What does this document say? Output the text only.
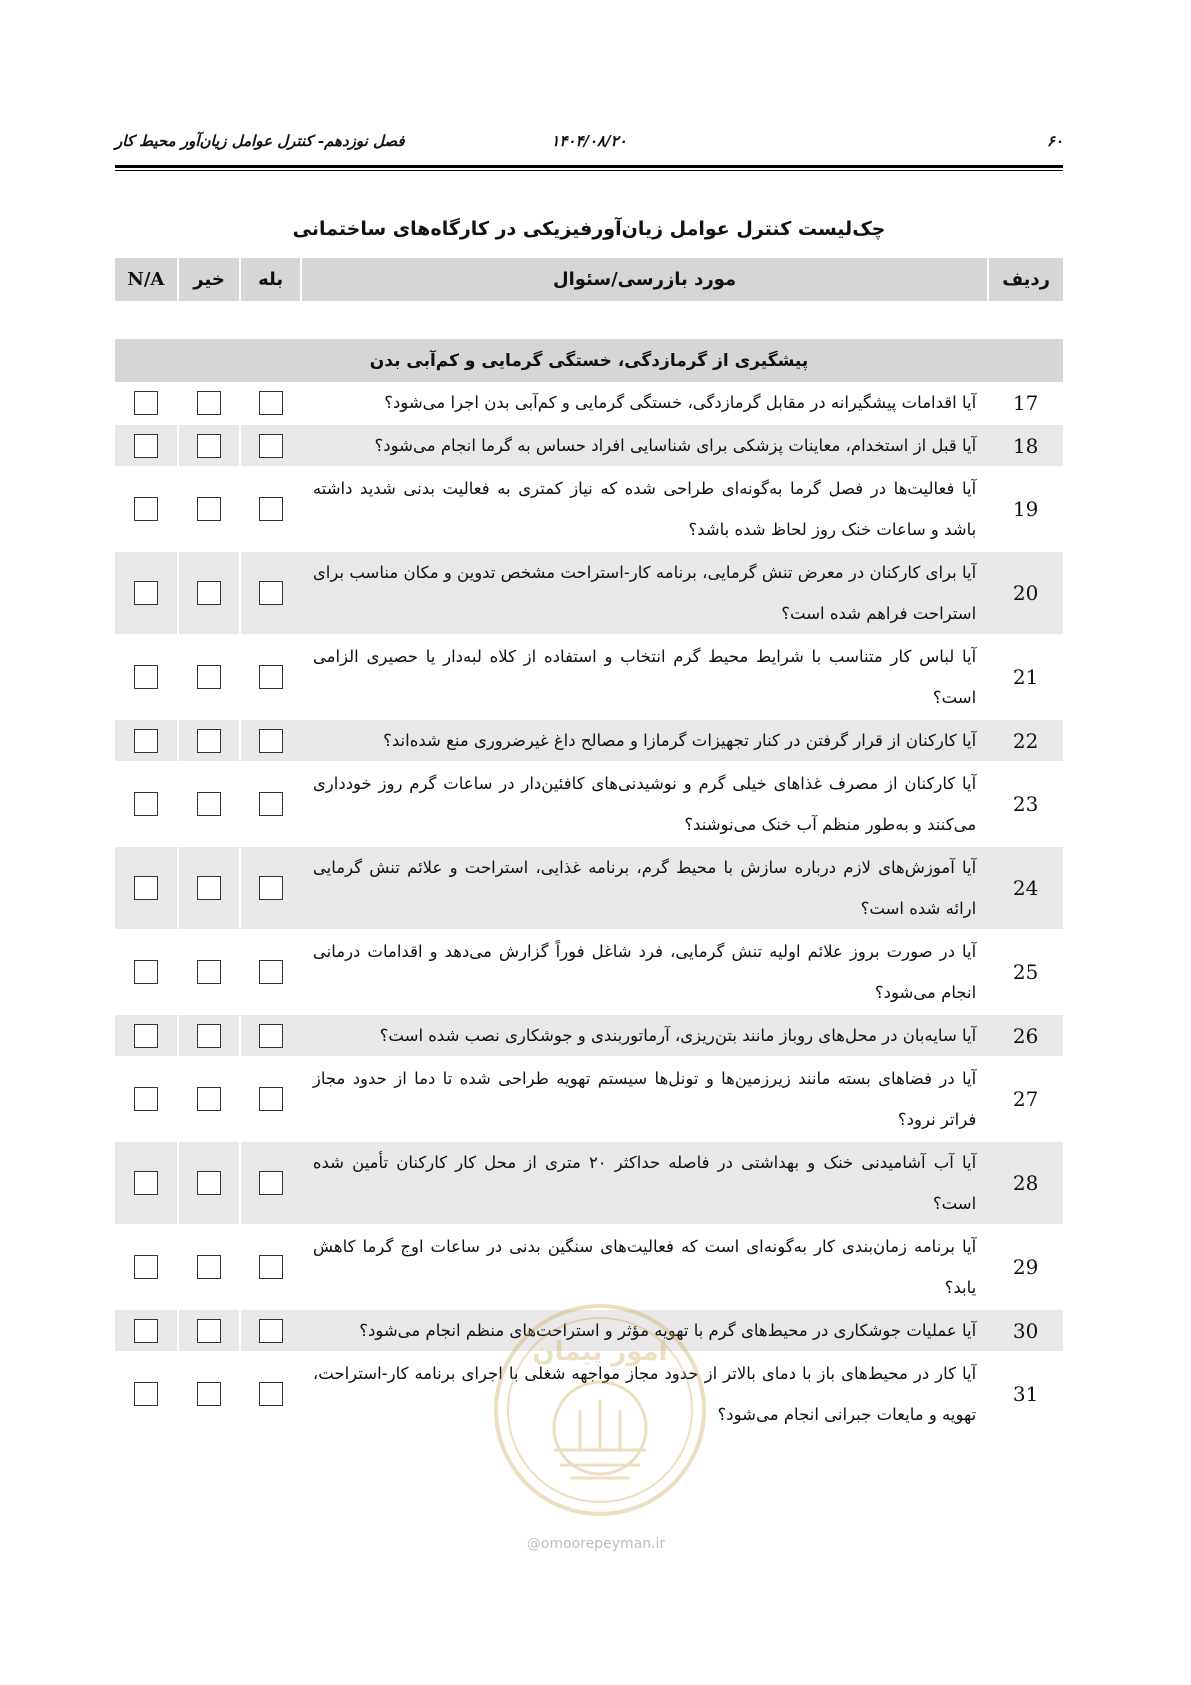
فصل نوزدهم- کنترل عوامل زیان‌آور محیط کار	۱۴۰۴/۰۸/۲۰	۶۰
چک‌لیست کنترل عوامل زیان‌آورفیزیکی در کارگاه‌های ساختمانی
ردیف	مورد بازرسی/سئوال	بله	خیر	N/A

پیشگیری از گرمازدگی، خستگی گرمایی و کم‌آبی بدن				
17	آیا اقدامات پیشگیرانه در مقابل گرمازدگی، خستگی گرمایی و کم‌آبی بدن اجرا می‌شود؟			
18	آیا قبل از استخدام، معاینات پزشکی برای شناسایی افراد حساس به گرما انجام می‌شود؟			
19	آیا فعالیت‌ها در فصل گرما به‌گونه‌ای طراحی شده که نیاز کمتری به فعالیت بدنی شدید داشته باشد و ساعات خنک روز لحاظ شده باشد؟			
20	آیا برای کارکنان در معرض تنش گرمایی، برنامه کار-استراحت مشخص تدوین و مکان مناسب برای استراحت فراهم شده است؟			
21	آیا لباس کار متناسب با شرایط محیط گرم انتخاب و استفاده از کلاه لبه‌دار یا حصیری الزامی است؟			
22	آیا کارکنان از قرار گرفتن در کنار تجهیزات گرمازا و مصالح داغ غیرضروری منع شده‌اند؟			
23	آیا کارکنان از مصرف غذاهای خیلی گرم و نوشیدنی‌های کافئین‌دار در ساعات گرم روز خودداری می‌کنند و به‌طور منظم آب خنک می‌نوشند؟			
24	آیا آموزش‌های لازم درباره سازش با محیط گرم، برنامه غذایی، استراحت و علائم تنش گرمایی ارائه شده است؟			
25	آیا در صورت بروز علائم اولیه تنش گرمایی، فرد شاغل فوراً گزارش می‌دهد و اقدامات درمانی انجام می‌شود؟			
26	آیا سایه‌بان در محل‌های روباز مانند بتن‌ریزی، آرماتوربندی و جوشکاری نصب شده است؟			
27	آیا در فضاهای بسته مانند زیرزمین‌ها و تونل‌ها سیستم تهویه طراحی شده تا دما از حدود مجاز فراتر نرود؟			
28	آیا آب آشامیدنی خنک و بهداشتی در فاصله حداکثر ۲۰ متری از محل کار کارکنان تأمین شده است؟			
29	آیا برنامه زمان‌بندی کار به‌گونه‌ای است که فعالیت‌های سنگین بدنی در ساعات اوج گرما کاهش یابد؟			
30	آیا عملیات جوشکاری در محیط‌های گرم با تهویه مؤثر و استراحت‌های منظم انجام می‌شود؟			
31	آیا کار در محیط‌های باز با دمای بالاتر از حدود مجاز مواجهه شغلی با اجرای برنامه کار-استراحت، تهویه و مایعات جبرانی انجام می‌شود؟			
امور پیمان
@omoorepeyman.ir
